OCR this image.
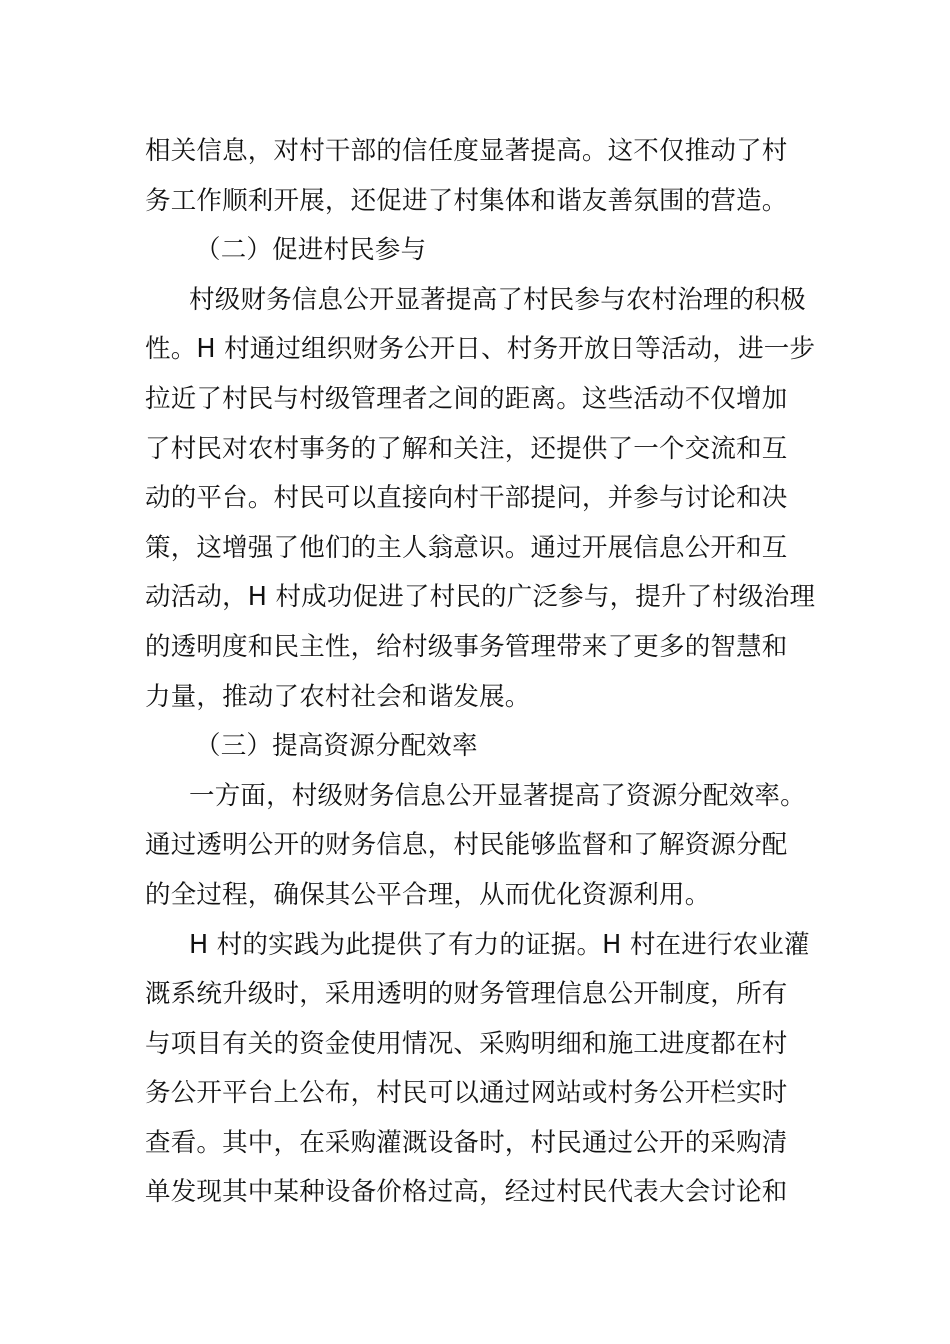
相关信息，对村干部的信任度显著提高。这不仅推动了村
务工作顺利开展，还促进了村集体和谐友善氛围的营造。
（二）促进村民参与
村级财务信息公开显著提高了村民参与农村治理的积极
性。H 村通过组织财务公开日、村务开放日等活动，进一步
拉近了村民与村级管理者之间的距离。这些活动不仅增加
了村民对农村事务的了解和关注，还提供了一个交流和互
动的平台。村民可以直接向村干部提问，并参与讨论和决
策，这增强了他们的主人翁意识。通过开展信息公开和互
动活动，H 村成功促进了村民的广泛参与，提升了村级治理
的透明度和民主性，给村级事务管理带来了更多的智慧和
力量，推动了农村社会和谐发展。
（三）提高资源分配效率
一方面，村级财务信息公开显著提高了资源分配效率。
通过透明公开的财务信息，村民能够监督和了解资源分配
的全过程，确保其公平合理，从而优化资源利用。
H 村的实践为此提供了有力的证据。H 村在进行农业灌
溉系统升级时，采用透明的财务管理信息公开制度，所有
与项目有关的资金使用情况、采购明细和施工进度都在村
务公开平台上公布，村民可以通过网站或村务公开栏实时
查看。其中，在采购灌溉设备时，村民通过公开的采购清
单发现其中某种设备价格过高，经过村民代表大会讨论和
